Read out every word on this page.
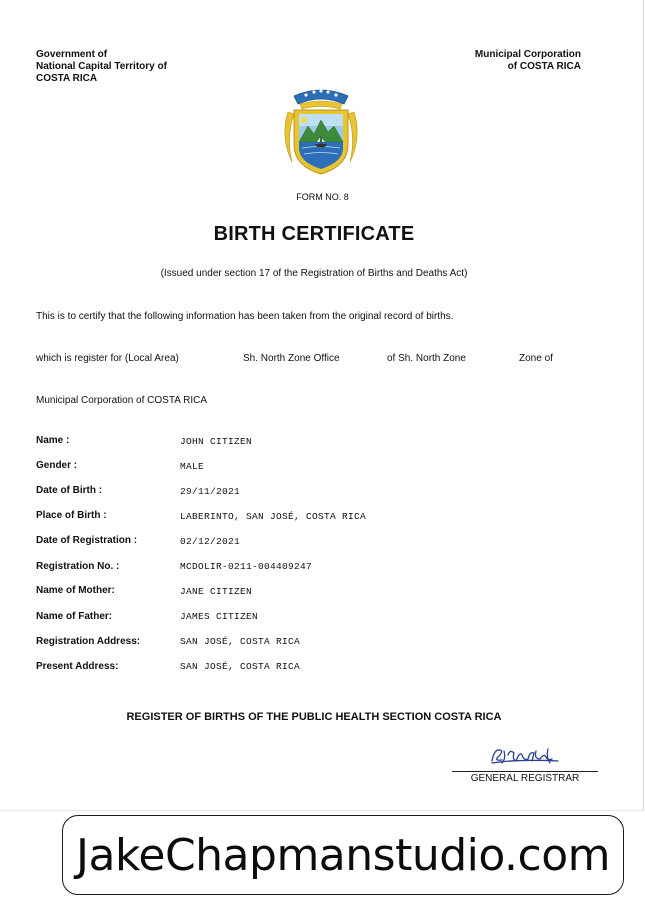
Government of
National Capital Territory of
COSTA RICA
Municipal Corporation
of COSTA RICA
FORM NO. 8
BIRTH CERTIFICATE
(Issued under section 17 of the Registration of Births and Deaths Act)
This is to certify that the following information has been taken from the original record of births.
which is register for (Local Area)	Sh. North Zone Office	of Sh. North Zone	Zone of
Municipal Corporation of COSTA RICA
Name :	JOHN CITIZEN
Gender :	MALE
Date of Birth :	29/11/2021
Place of Birth :	LABERINTO, SAN JOSÉ, COSTA RICA
Date of Registration :	02/12/2021
Registration No. :	MCDOLIR-0211-004409247
Name of Mother:	JANE CITIZEN
Name of Father:	JAMES CITIZEN
Registration Address:	SAN JOSÉ, COSTA RICA
Present Address:	SAN JOSÉ, COSTA RICA
REGISTER OF BIRTHS OF THE PUBLIC HEALTH SECTION COSTA RICA
GENERAL REGISTRAR
JakeChapmanstudio.com
